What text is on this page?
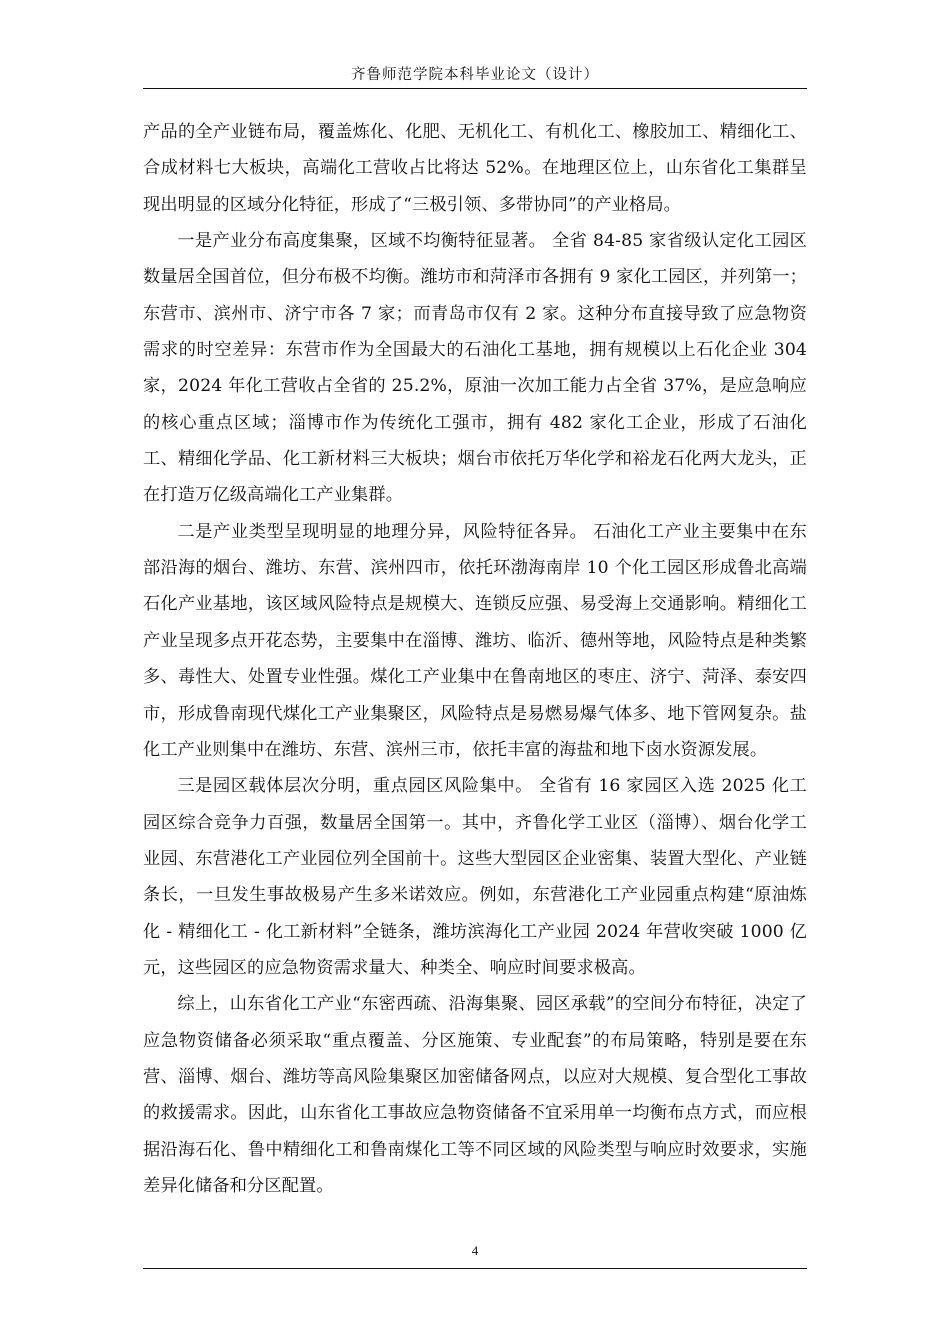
齐鲁师范学院本科毕业论文（设计）

产品的全产业链布局，覆盖炼化、化肥、无机化工、有机化工、橡胶加工、精细化工、合成材料七大板块，高端化工营收占比将达 52%。在地理区位上，山东省化工集群呈现出明显的区域分化特征，形成了“三极引领、多带协同”的产业格局。

一是产业分布高度集聚，区域不均衡特征显著。 全省 84-85 家省级认定化工园区数量居全国首位，但分布极不均衡。潍坊市和菏泽市各拥有 9 家化工园区，并列第一；东营市、滨州市、济宁市各 7 家；而青岛市仅有 2 家。这种分布直接导致了应急物资需求的时空差异：东营市作为全国最大的石油化工基地，拥有规模以上石化企业 304 家，2024 年化工营收占全省的 25.2%，原油一次加工能力占全省 37%，是应急响应的核心重点区域；淄博市作为传统化工强市，拥有 482 家化工企业，形成了石油化工、精细化学品、化工新材料三大板块；烟台市依托万华化学和裕龙石化两大龙头，正在打造万亿级高端化工产业集群。

二是产业类型呈现明显的地理分异，风险特征各异。 石油化工产业主要集中在东部沿海的烟台、潍坊、东营、滨州四市，依托环渤海南岸 10 个化工园区形成鲁北高端石化产业基地，该区域风险特点是规模大、连锁反应强、易受海上交通影响。精细化工产业呈现多点开花态势，主要集中在淄博、潍坊、临沂、德州等地，风险特点是种类繁多、毒性大、处置专业性强。煤化工产业集中在鲁南地区的枣庄、济宁、菏泽、泰安四市，形成鲁南现代煤化工产业集聚区，风险特点是易燃易爆气体多、地下管网复杂。盐化工产业则集中在潍坊、东营、滨州三市，依托丰富的海盐和地下卤水资源发展。

三是园区载体层次分明，重点园区风险集中。 全省有 16 家园区入选 2025 化工园区综合竞争力百强，数量居全国第一。其中，齐鲁化学工业区（淄博）、烟台化学工业园、东营港化工产业园位列全国前十。这些大型园区企业密集、装置大型化、产业链条长，一旦发生事故极易产生多米诺效应。例如，东营港化工产业园重点构建“原油炼化 - 精细化工 - 化工新材料”全链条，潍坊滨海化工产业园 2024 年营收突破 1000 亿元，这些园区的应急物资需求量大、种类全、响应时间要求极高。

综上，山东省化工产业“东密西疏、沿海集聚、园区承载”的空间分布特征，决定了应急物资储备必须采取“重点覆盖、分区施策、专业配套”的布局策略，特别是要在东营、淄博、烟台、潍坊等高风险集聚区加密储备网点，以应对大规模、复合型化工事故的救援需求。因此，山东省化工事故应急物资储备不宜采用单一均衡布点方式，而应根据沿海石化、鲁中精细化工和鲁南煤化工等不同区域的风险类型与响应时效要求，实施差异化储备和分区配置。

4
